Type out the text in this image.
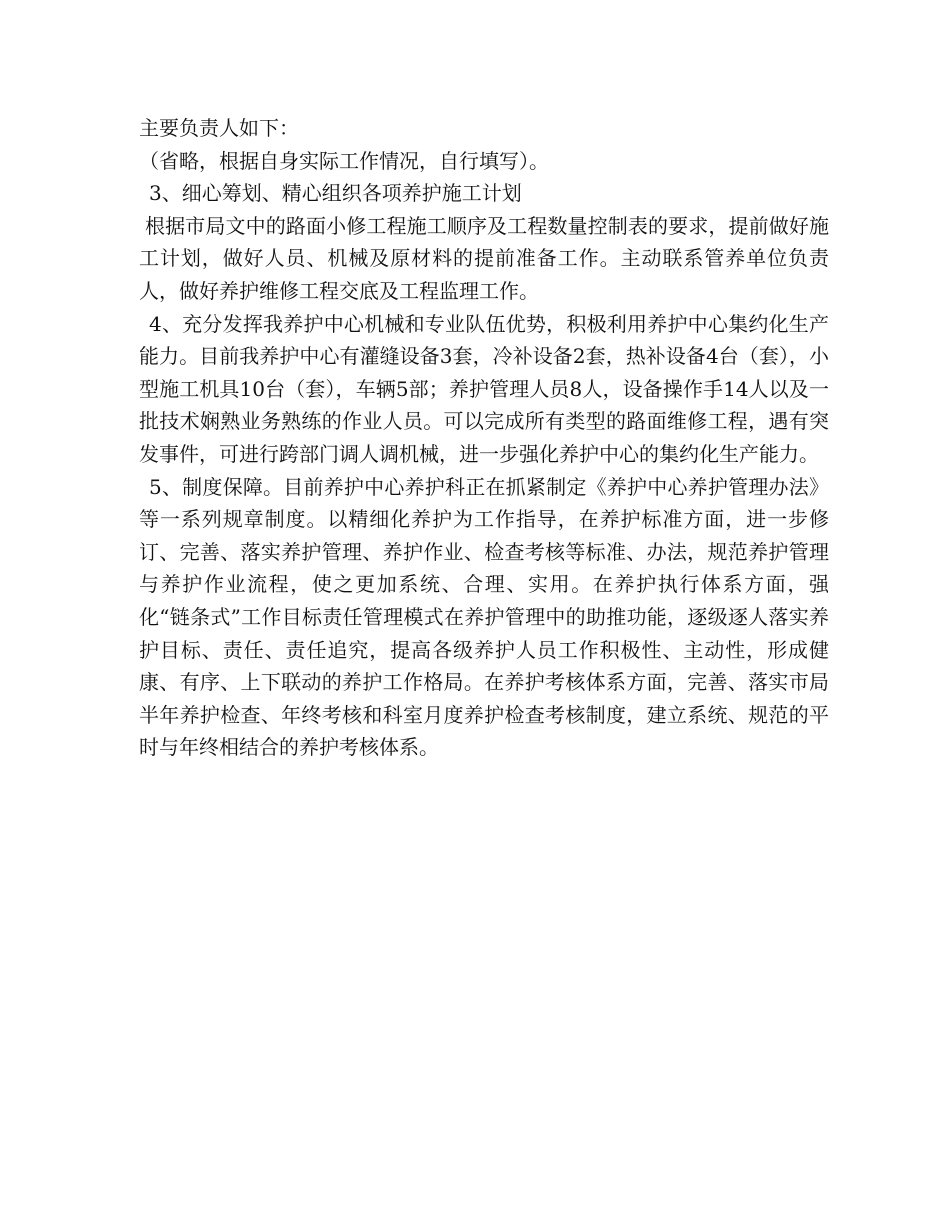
主要负责人如下：

（省略，根据自身实际工作情况，自行填写）。

3、细心筹划、精心组织各项养护施工计划

根据市局文中的路面小修工程施工顺序及工程数量控制表的要求，提前做好施工计划，做好人员、机械及原材料的提前准备工作。主动联系管养单位负责人，做好养护维修工程交底及工程监理工作。

4、充分发挥我养护中心机械和专业队伍优势，积极利用养护中心集约化生产能力。目前我养护中心有灌缝设备3套，冷补设备2套，热补设备4台（套），小型施工机具10台（套），车辆5部；养护管理人员8人，设备操作手14人以及一批技术娴熟业务熟练的作业人员。可以完成所有类型的路面维修工程，遇有突发事件，可进行跨部门调人调机械，进一步强化养护中心的集约化生产能力。

5、制度保障。目前养护中心养护科正在抓紧制定《养护中心养护管理办法》等一系列规章制度。以精细化养护为工作指导，在养护标准方面，进一步修订、完善、落实养护管理、养护作业、检查考核等标准、办法，规范养护管理与养护作业流程，使之更加系统、合理、实用。在养护执行体系方面，强化“链条式”工作目标责任管理模式在养护管理中的助推功能，逐级逐人落实养护目标、责任、责任追究，提高各级养护人员工作积极性、主动性，形成健康、有序、上下联动的养护工作格局。在养护考核体系方面，完善、落实市局半年养护检查、年终考核和科室月度养护检查考核制度，建立系统、规范的平时与年终相结合的养护考核体系。
